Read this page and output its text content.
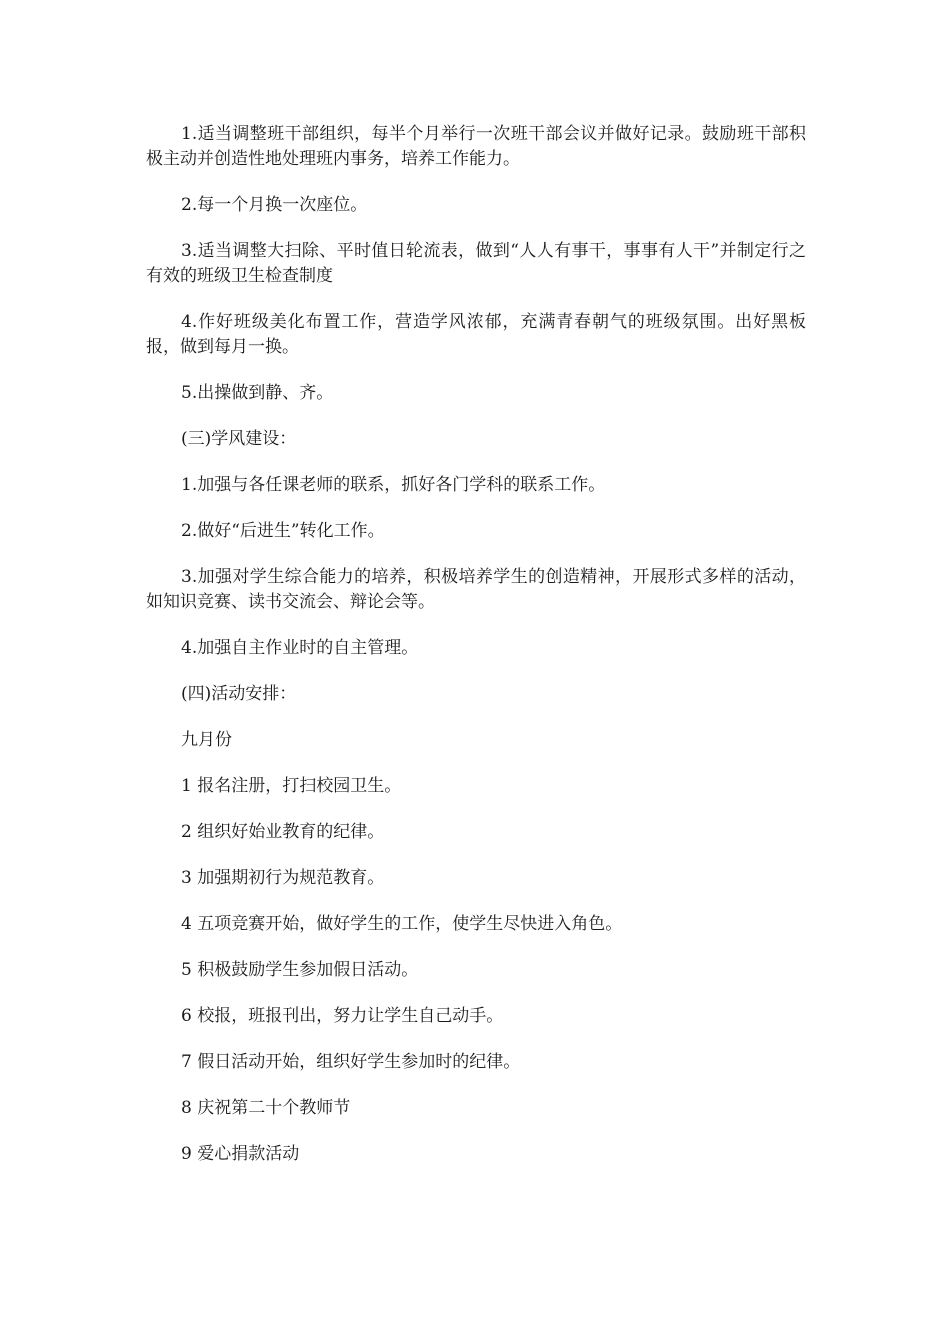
1.适当调整班干部组织，每半个月举行一次班干部会议并做好记录。鼓励班干部积极主动并创造性地处理班内事务，培养工作能力。

2.每一个月换一次座位。

3.适当调整大扫除、平时值日轮流表，做到“人人有事干，事事有人干”并制定行之有效的班级卫生检查制度

4.作好班级美化布置工作，营造学风浓郁，充满青春朝气的班级氛围。出好黑板报，做到每月一换。

5.出操做到静、齐。

(三)学风建设：

1.加强与各任课老师的联系，抓好各门学科的联系工作。

2.做好“后进生”转化工作。

3.加强对学生综合能力的培养，积极培养学生的创造精神，开展形式多样的活动，如知识竞赛、读书交流会、辩论会等。

4.加强自主作业时的自主管理。

(四)活动安排：

九月份

1 报名注册，打扫校园卫生。

2 组织好始业教育的纪律。

3 加强期初行为规范教育。

4 五项竞赛开始，做好学生的工作，使学生尽快进入角色。

5 积极鼓励学生参加假日活动。

6 校报，班报刊出，努力让学生自己动手。

7 假日活动开始，组织好学生参加时的纪律。

8 庆祝第二十个教师节

9 爱心捐款活动
